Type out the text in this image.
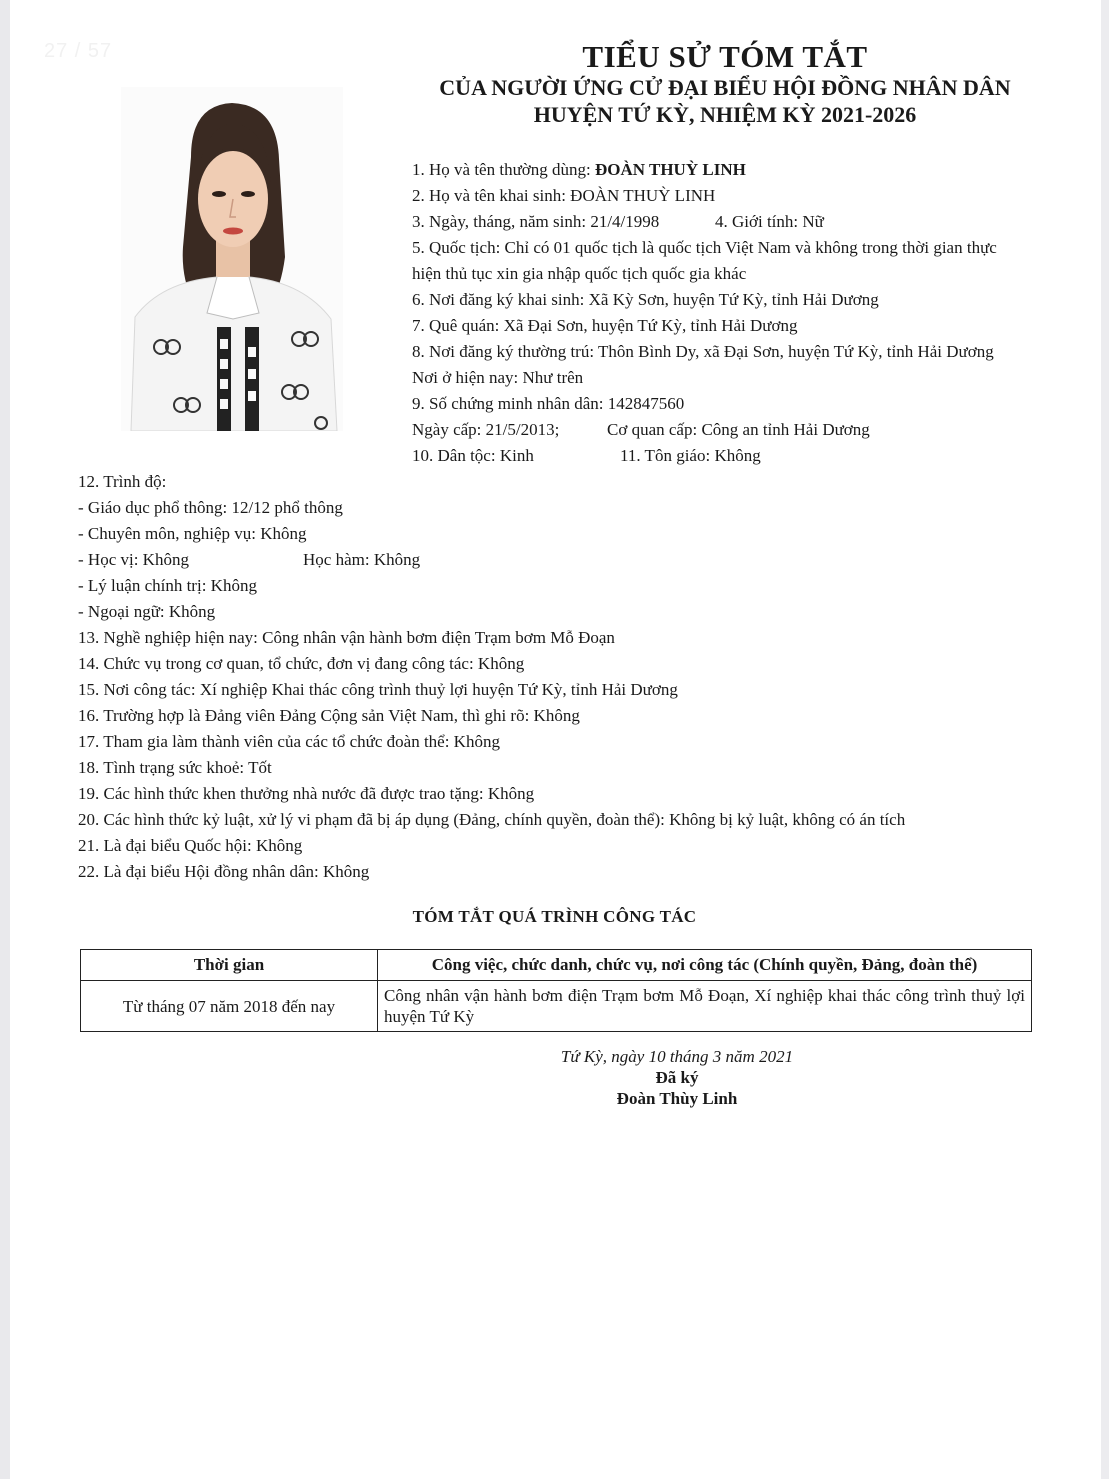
27 / 57	TIỂU SỬ TÓM TẮT
CỦA NGƯỜI ỨNG CỬ ĐẠI BIỂU HỘI ĐỒNG NHÂN DÂN
HUYỆN TỨ KỲ, NHIỆM KỲ 2021-2026
1. Họ và tên thường dùng: ĐOÀN THUỲ LINH
2. Họ và tên khai sinh: ĐOÀN THUỲ LINH
3. Ngày, tháng, năm sinh: 21/4/1998	4. Giới tính: Nữ
5. Quốc tịch: Chỉ có 01 quốc tịch là quốc tịch Việt Nam và không trong thời gian thực
hiện thủ tục xin gia nhập quốc tịch quốc gia khác
6. Nơi đăng ký khai sinh: Xã Kỳ Sơn, huyện Tứ Kỳ, tỉnh Hải Dương
7. Quê quán: Xã Đại Sơn, huyện Tứ Kỳ, tỉnh Hải Dương
8. Nơi đăng ký thường trú: Thôn Bình Dy, xã Đại Sơn, huyện Tứ Kỳ, tỉnh Hải Dương
Nơi ở hiện nay: Như trên
9. Số chứng minh nhân dân: 142847560
Ngày cấp: 21/5/2013;	Cơ quan cấp: Công an tỉnh Hải Dương
10. Dân tộc: Kinh	11. Tôn giáo: Không
12. Trình độ:
- Giáo dục phổ thông: 12/12 phổ thông
- Chuyên môn, nghiệp vụ: Không
- Học vị: Không	Học hàm: Không
- Lý luận chính trị: Không
- Ngoại ngữ: Không
13. Nghề nghiệp hiện nay: Công nhân vận hành bơm điện Trạm bơm Mỗ Đoạn
14. Chức vụ trong cơ quan, tổ chức, đơn vị đang công tác: Không
15. Nơi công tác: Xí nghiệp Khai thác công trình thuỷ lợi huyện Tứ Kỳ, tỉnh Hải Dương
16. Trường hợp là Đảng viên Đảng Cộng sản Việt Nam, thì ghi rõ: Không
17. Tham gia làm thành viên của các tổ chức đoàn thể: Không
18. Tình trạng sức khoẻ: Tốt
19. Các hình thức khen thưởng nhà nước đã được trao tặng: Không
20. Các hình thức kỷ luật, xử lý vi phạm đã bị áp dụng (Đảng, chính quyền, đoàn thể): Không bị kỷ luật, không có án tích
21. Là đại biểu Quốc hội: Không
22. Là đại biểu Hội đồng nhân dân: Không
TÓM TẮT QUÁ TRÌNH CÔNG TÁC
Thời gian	Công việc, chức danh, chức vụ, nơi công tác (Chính quyền, Đảng, đoàn thể)
Từ tháng 07 năm 2018 đến nay	Công nhân vận hành bơm điện Trạm bơm Mỗ Đoạn, Xí nghiệp khai thác công trình thuỷ lợi huyện Tứ Kỳ
Tứ Kỳ, ngày 10 tháng 3 năm 2021
Đã ký
Đoàn Thùy Linh
